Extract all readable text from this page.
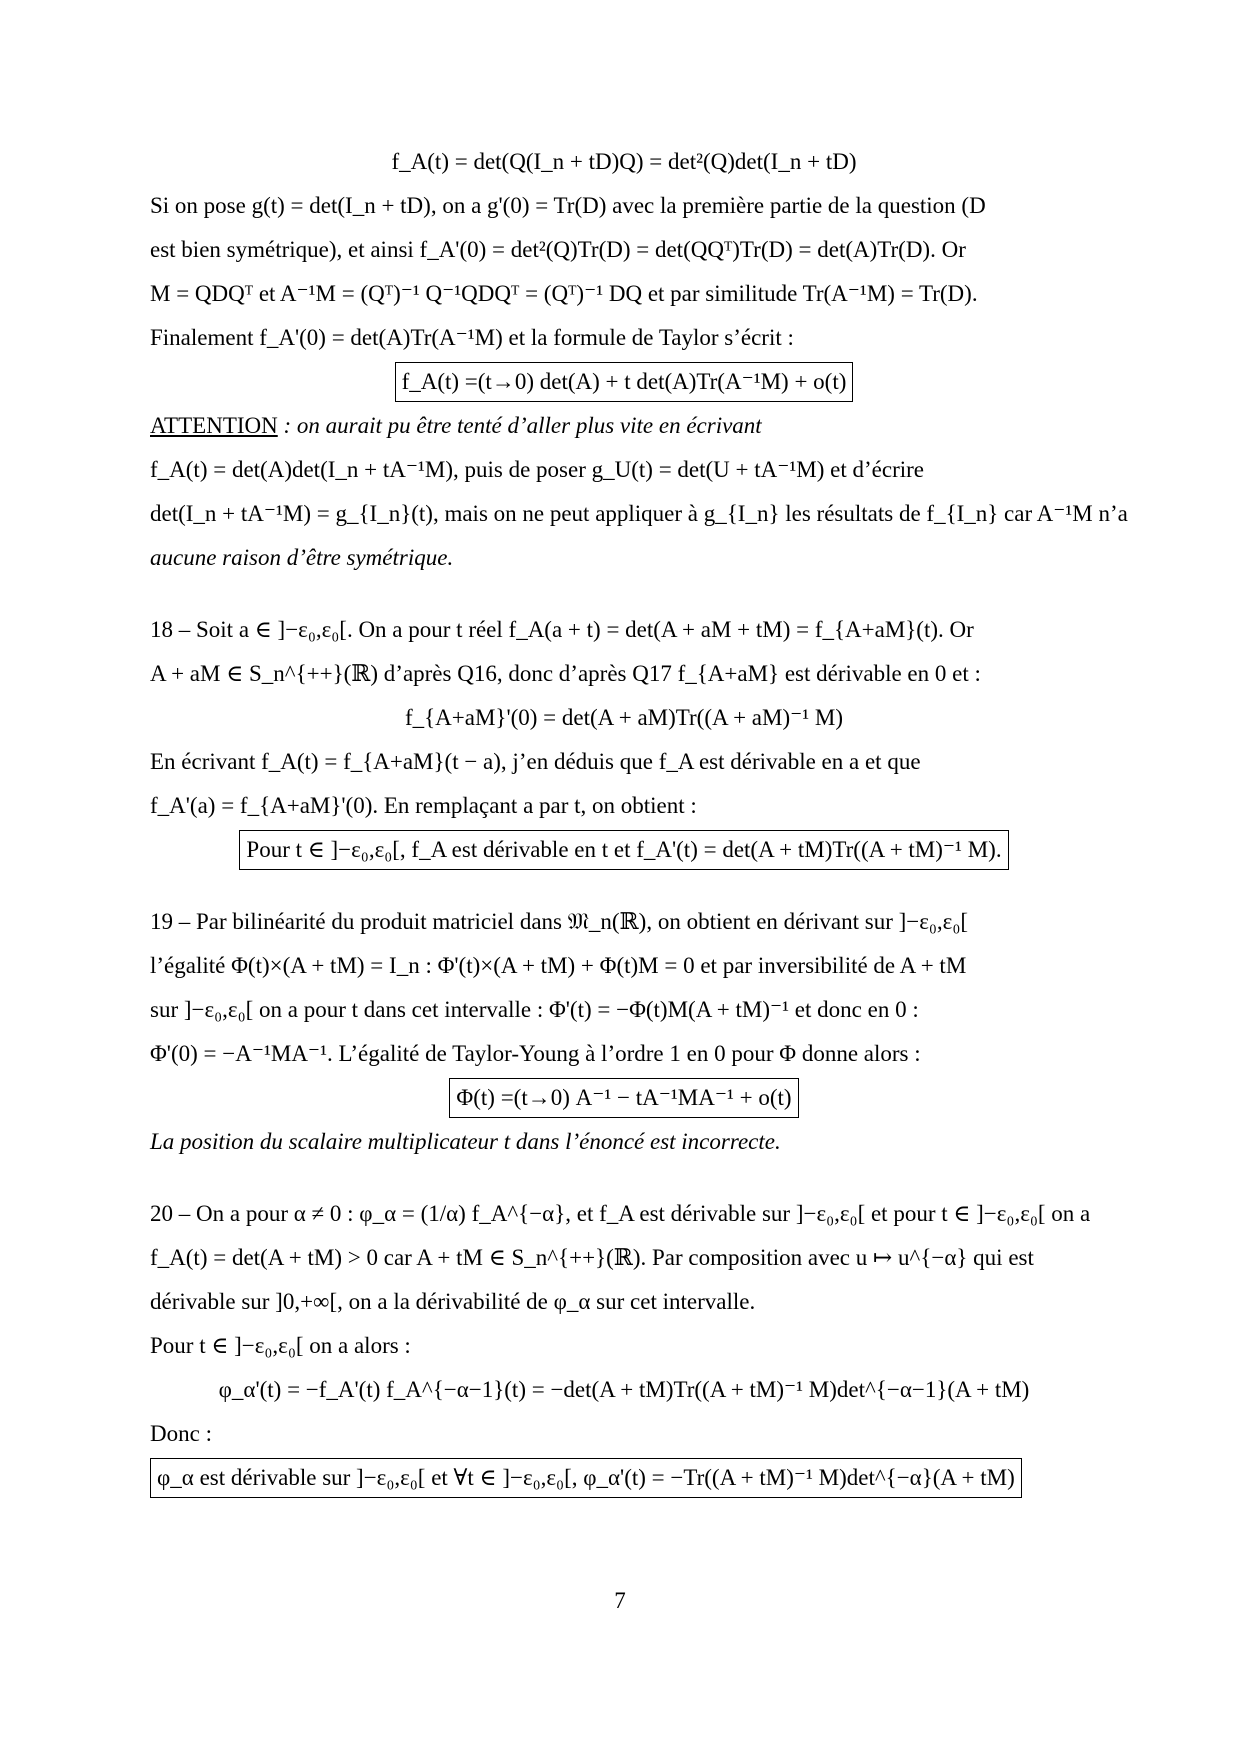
f_A(t) = det(Q(I_n + tD)Q) = det²(Q)det(I_n + tD)
Si on pose g(t) = det(I_n + tD), on a g'(0) = Tr(D) avec la première partie de la question (D
est bien symétrique), et ainsi f_A'(0) = det²(Q)Tr(D) = det(QQᵀ)Tr(D) = det(A)Tr(D). Or
M = QDQᵀ et A⁻¹M = (Qᵀ)⁻¹ Q⁻¹QDQᵀ = (Qᵀ)⁻¹ DQ et par similitude Tr(A⁻¹M) = Tr(D).
Finalement f_A'(0) = det(A)Tr(A⁻¹M) et la formule de Taylor s’écrit :
f_A(t) =(t→0) det(A) + t det(A)Tr(A⁻¹M) + o(t)
ATTENTION : on aurait pu être tenté d’aller plus vite en écrivant
f_A(t) = det(A)det(I_n + tA⁻¹M), puis de poser g_U(t) = det(U + tA⁻¹M) et d’écrire
det(I_n + tA⁻¹M) = g_{I_n}(t), mais on ne peut appliquer à g_{I_n} les résultats de f_{I_n} car A⁻¹M n’a
aucune raison d’être symétrique.
18 – Soit a ∈ ]−ε₀,ε₀[. On a pour t réel f_A(a + t) = det(A + aM + tM) = f_{A+aM}(t). Or
A + aM ∈ S_n^{++}(ℝ) d’après Q16, donc d’après Q17 f_{A+aM} est dérivable en 0 et :
f_{A+aM}'(0) = det(A + aM)Tr((A + aM)⁻¹ M)
En écrivant f_A(t) = f_{A+aM}(t − a), j’en déduis que f_A est dérivable en a et que
f_A'(a) = f_{A+aM}'(0). En remplaçant a par t, on obtient :
Pour t ∈ ]−ε₀,ε₀[, f_A est dérivable en t et f_A'(t) = det(A + tM)Tr((A + tM)⁻¹ M).
19 – Par bilinéarité du produit matriciel dans 𝔐_n(ℝ), on obtient en dérivant sur ]−ε₀,ε₀[
l’égalité Φ(t)×(A + tM) = I_n : Φ'(t)×(A + tM) + Φ(t)M = 0 et par inversibilité de A + tM
sur ]−ε₀,ε₀[ on a pour t dans cet intervalle : Φ'(t) = −Φ(t)M(A + tM)⁻¹ et donc en 0 :
Φ'(0) = −A⁻¹MA⁻¹. L’égalité de Taylor-Young à l’ordre 1 en 0 pour Φ donne alors :
Φ(t) =(t→0) A⁻¹ − tA⁻¹MA⁻¹ + o(t)
La position du scalaire multiplicateur t dans l’énoncé est incorrecte.
20 – On a pour α ≠ 0 : φ_α = (1/α) f_A^{−α}, et f_A est dérivable sur ]−ε₀,ε₀[ et pour t ∈ ]−ε₀,ε₀[ on a
f_A(t) = det(A + tM) > 0 car A + tM ∈ S_n^{++}(ℝ). Par composition avec u ↦ u^{−α} qui est
dérivable sur ]0,+∞[, on a la dérivabilité de φ_α sur cet intervalle.
Pour t ∈ ]−ε₀,ε₀[ on a alors :
φ_α'(t) = −f_A'(t) f_A^{−α−1}(t) = −det(A + tM)Tr((A + tM)⁻¹ M)det^{−α−1}(A + tM)
Donc :
φ_α est dérivable sur ]−ε₀,ε₀[ et ∀t ∈ ]−ε₀,ε₀[, φ_α'(t) = −Tr((A + tM)⁻¹ M)det^{−α}(A + tM)
7
